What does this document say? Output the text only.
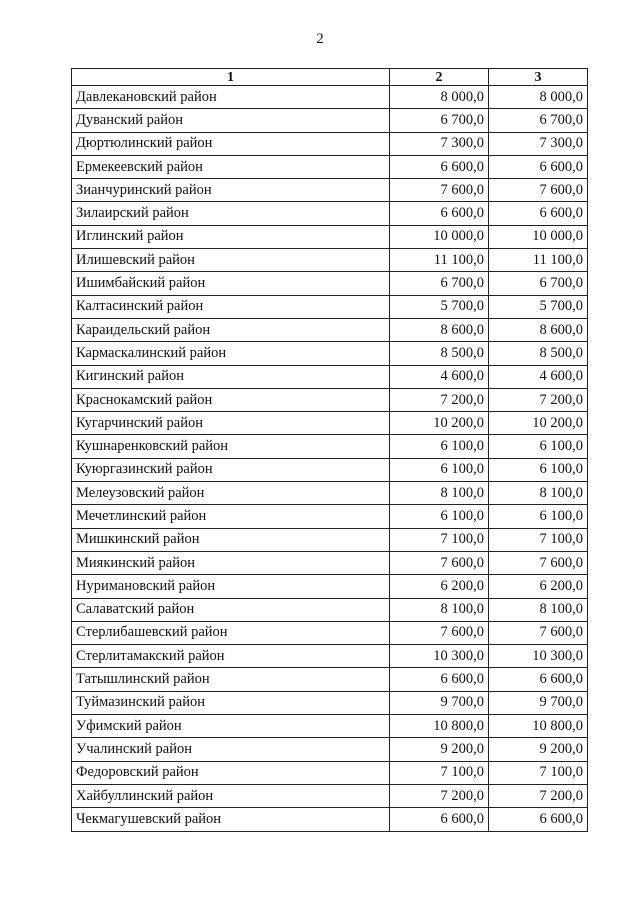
2
1	2	3
Давлекановский район	8 000,0	8 000,0
Дуванский район	6 700,0	6 700,0
Дюртюлинский район	7 300,0	7 300,0
Ермекеевский район	6 600,0	6 600,0
Зианчуринский район	7 600,0	7 600,0
Зилаирский район	6 600,0	6 600,0
Иглинский район	10 000,0	10 000,0
Илишевский район	11 100,0	11 100,0
Ишимбайский район	6 700,0	6 700,0
Калтасинский район	5 700,0	5 700,0
Караидельский район	8 600,0	8 600,0
Кармаскалинский район	8 500,0	8 500,0
Кигинский район	4 600,0	4 600,0
Краснокамский район	7 200,0	7 200,0
Кугарчинский район	10 200,0	10 200,0
Кушнаренковский район	6 100,0	6 100,0
Куюргазинский район	6 100,0	6 100,0
Мелеузовский район	8 100,0	8 100,0
Мечетлинский район	6 100,0	6 100,0
Мишкинский район	7 100,0	7 100,0
Миякинский район	7 600,0	7 600,0
Нуримановский район	6 200,0	6 200,0
Салаватский район	8 100,0	8 100,0
Стерлибашевский район	7 600,0	7 600,0
Стерлитамакский район	10 300,0	10 300,0
Татышлинский район	6 600,0	6 600,0
Туймазинский район	9 700,0	9 700,0
Уфимский район	10 800,0	10 800,0
Учалинский район	9 200,0	9 200,0
Федоровский район	7 100,0	7 100,0
Хайбуллинский район	7 200,0	7 200,0
Чекмагушевский район	6 600,0	6 600,0
